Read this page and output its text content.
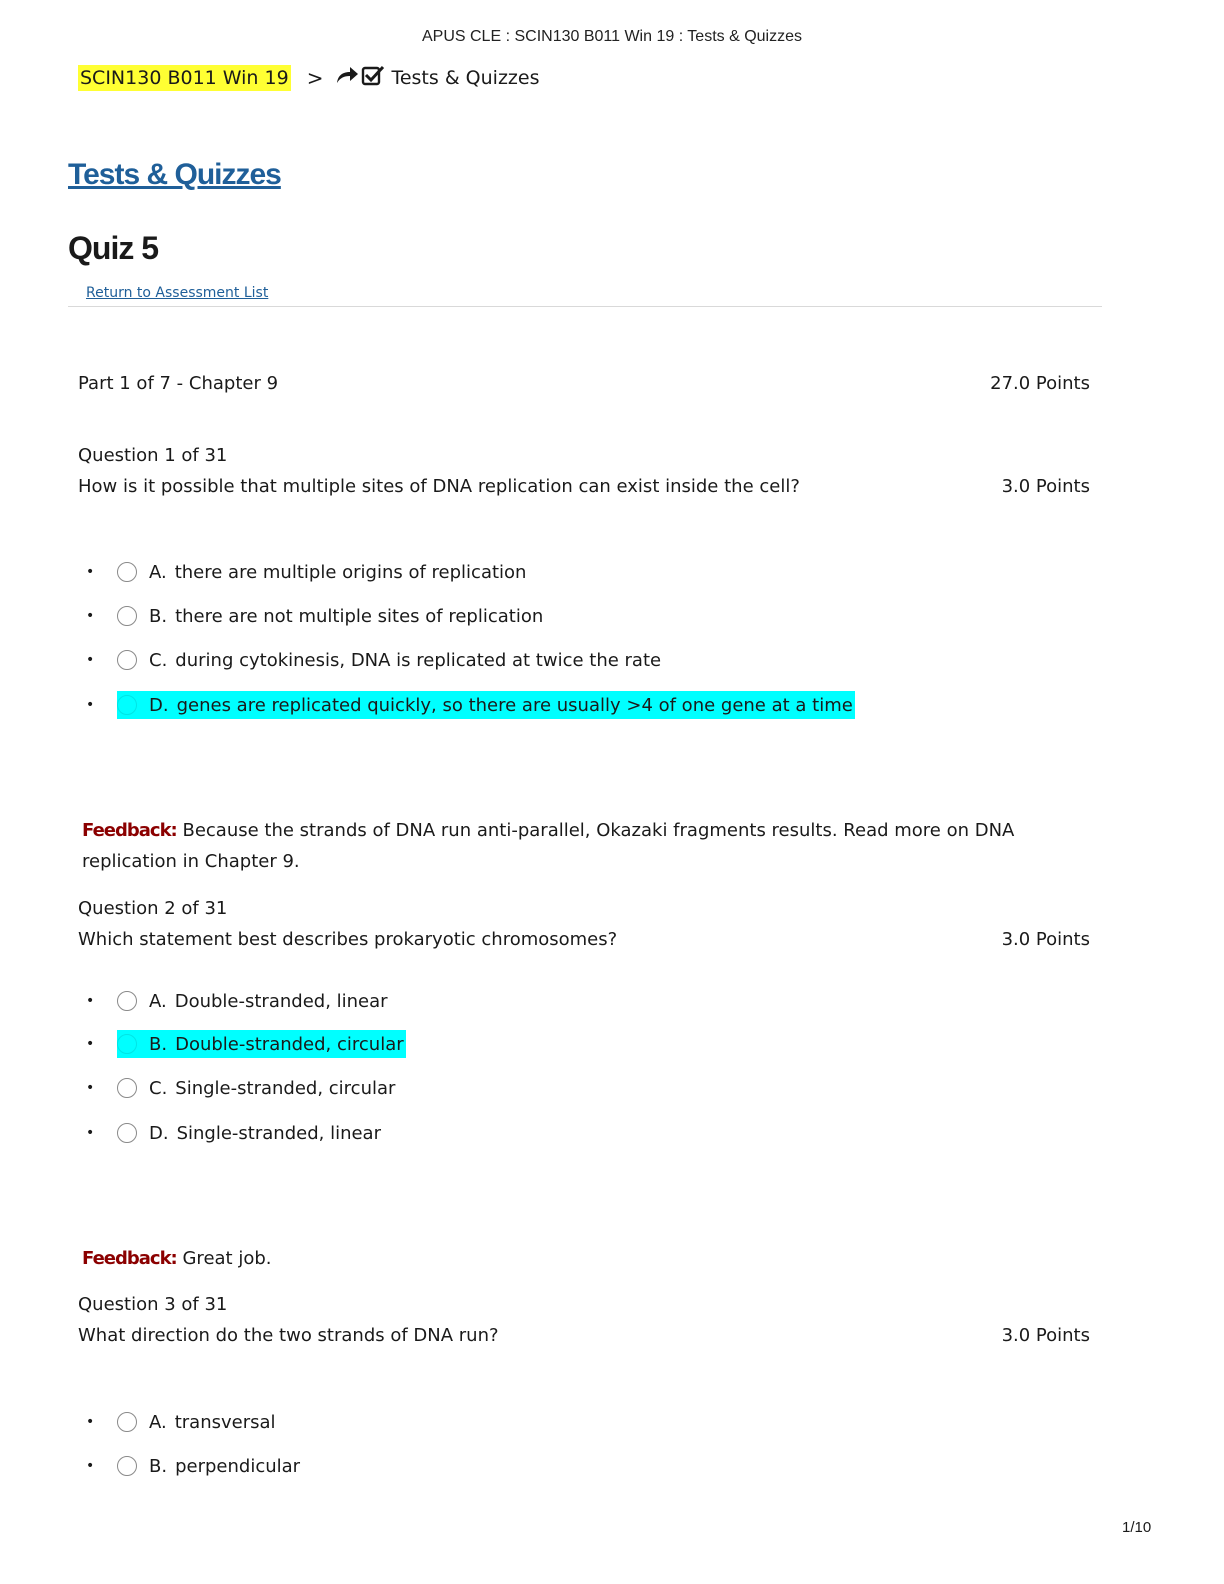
APUS CLE : SCIN130 B011 Win 19 : Tests & Quizzes
SCIN130 B011 Win 19 >	Tests & Quizzes
Tests & Quizzes
Quiz 5
Return to Assessment List
Part 1 of 7 - Chapter 9	27.0 Points
Question 1 of 31
How is it possible that multiple sites of DNA replication can exist inside the cell?	3.0 Points
•	A. there are multiple origins of replication
•	B. there are not multiple sites of replication
•	C. during cytokinesis, DNA is replicated at twice the rate
•	D. genes are replicated quickly, so there are usually >4 of one gene at a time
Feedback: Because the strands of DNA run anti-parallel, Okazaki fragments results. Read more on DNA replication in Chapter 9.
Question 2 of 31
Which statement best describes prokaryotic chromosomes?	3.0 Points
•	A. Double-stranded, linear
•	B. Double-stranded, circular
•	C. Single-stranded, circular
•	D. Single-stranded, linear
Feedback: Great job.
Question 3 of 31
What direction do the two strands of DNA run?	3.0 Points
•	A. transversal
•	B. perpendicular
1/10
